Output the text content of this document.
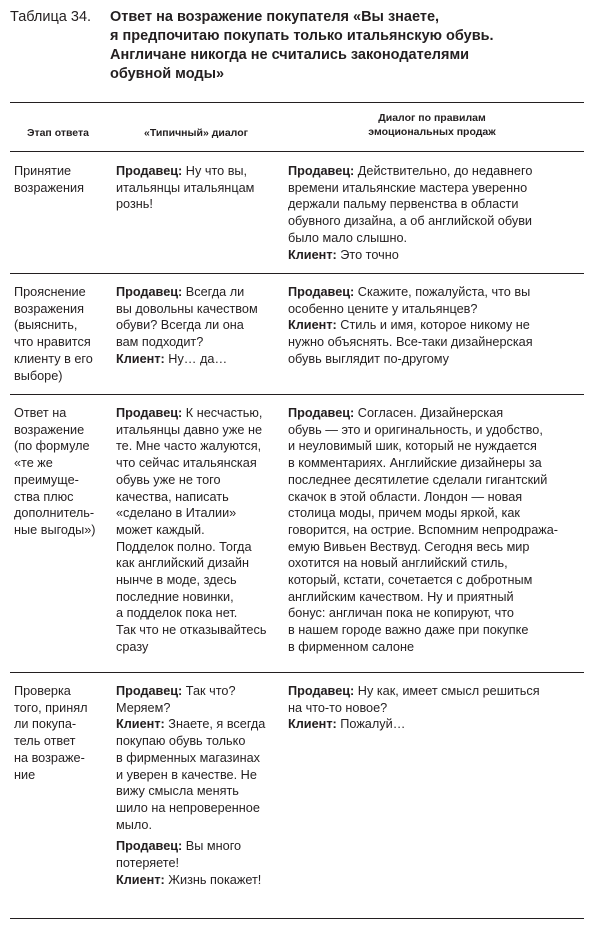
Таблица 34. Ответ на возражение покупателя «Вы знаете,
я предпочитаю покупать только итальянскую обувь.
Англичане никогда не считались законодателями
обувной моды»
Этап ответа	«Типичный» диалог
Диалог по правилам
эмоциональных продаж
Принятие
возражения
Продавец: Ну что вы,
итальянцы итальянцам
рознь!
Продавец: Действительно, до недавнего
времени итальянские мастера уверенно
держали пальму первенства в области
обувного дизайна, а об английской обуви
было мало слышно.
Клиент: Это точно
Прояснение
возражения
(выяснить,
что нравится
клиенту в его
выборе)
Продавец: Всегда ли
вы довольны качеством
обуви? Всегда ли она
вам подходит?
Клиент: Ну… да…
Продавец: Скажите, пожалуйста, что вы
особенно цените у итальянцев?
Клиент: Стиль и имя, которое никому не
нужно объяснять. Все-таки дизайнерская
обувь выглядит по-другому
Ответ на
возражение
(по формуле
«те же
преимуще-
ства плюс
дополнитель-
ные выгоды»)
Продавец: К несчастью,
итальянцы давно уже не
те. Мне часто жалуются,
что сейчас итальянская
обувь уже не того
качества, написать
«сделано в Италии»
может каждый.
Подделок полно. Тогда
как английский дизайн
нынче в моде, здесь
последние новинки,
а подделок пока нет.
Так что не отказывайтесь
сразу
Продавец: Согласен. Дизайнерская
обувь — это и оригинальность, и удобство,
и неуловимый шик, который не нуждается
в комментариях. Английские дизайнеры за
последнее десятилетие сделали гигантский
скачок в этой области. Лондон — новая
столица моды, причем моды яркой, как
говорится, на острие. Вспомним непродража-
емую Вивьен Вествуд. Сегодня весь мир
охотится на новый английский стиль,
который, кстати, сочетается с добротным
английским качеством. Ну и приятный
бонус: англичан пока не копируют, что
в нашем городе важно даже при покупке
в фирменном салоне
Проверка
того, принял
ли покупа-
тель ответ
на возраже-
ние
Продавец: Так что?
Меряем?
Клиент: Знаете, я всегда
покупаю обувь только
в фирменных магазинах
и уверен в качестве. Не
вижу смысла менять
шило на непроверенное
мыло.
Продавец: Вы много
потеряете!
Клиент: Жизнь покажет!
Продавец: Ну как, имеет смысл решиться
на что-то новое?
Клиент: Пожалуй…
